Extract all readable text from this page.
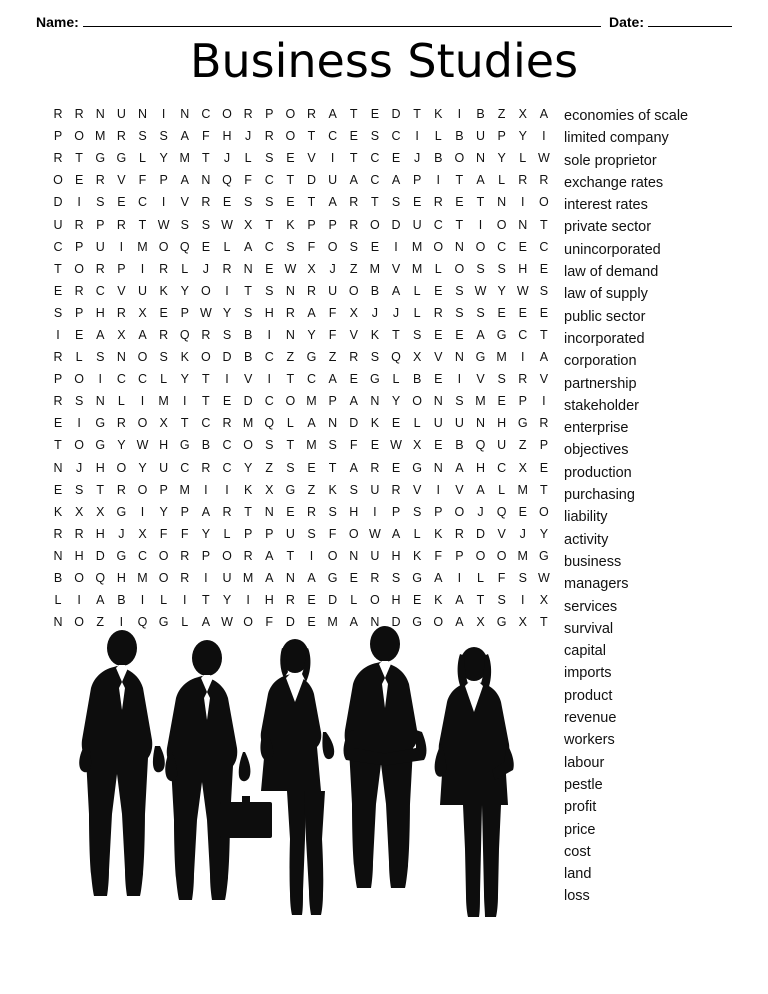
Name:	Date:
Business Studies
R R N U N	I	N C O R P O R A	T	E D	T	K	I	B	Z	X	A
P O M R S	S	A	F	H	J	R O T	C E	S C	I	L	B U P	Y	I
R	T G G	L	Y M T	J	L	S	E	V	I	T	C E	J	B O N Y	L W
O E R V	F	P	A N Q F	C	T	D U A C A	P	I	T	A	L	R R
D	I	S	E C	I	V R E	S	S	E	T	A R	T	S	E R E	T	N	I	O
U R P R	T W S	S W X	T	K	P	P R O D U C	T	I	O N	T
C P U	I	M O Q E	L	A C S	F O S	E	I	M O N O C E C
T O R P	I	R	L	J	R N E W X	J	Z M V M L	O S	S H E
E R C V U K	Y O	I	T	S N R U O B	A	L	E	S W Y W S
S	P H R X	E	P W Y	S H R A	F	X	J	J	L	R S	S	E	E	E
I	E	A	X	A R Q R S	B	I	N Y	F	V	K	T	S	E	E	A G C	T
R	L	S N O S	K O D B C	Z G Z	R S Q X	V N G M	I	A
P O	I	C C	L	Y	T	I	V	I	T	C A	E G	L	B	E	I	V	S R V
R S N	L	I	M	I	T	E D C O M P	A N Y O N S M E	P	I
E	I	G R O X	T	C R M Q	L	A N D K	E	L	U U N H G R
T O G Y W H G B C O S	T M S	F	E W X	E	B Q U	Z	P
N	J	H O Y U C R C Y	Z	S	E	T	A R E G N A H C X	E
E	S	T	R O P M	I	I	K	X G Z	K	S U R V	I	V	A	L M T
K	X	X G	I	Y	P	A R	T	N E R S H	I	P	S	P O	J	Q E O
R R H	J	X	F	F	Y	L	P	P U S	F O W A	L	K R D V	J	Y
N H D G C O R P O R A	T	I	O N U H K	F	P O O M G
B O Q H M O R	I	U M A N A G E R S G A	I	L	F	S W
L	I	A	B	I	L	I	T	Y	I	H R E D	L	O H E	K	A	T	S	I	X
N O Z	I	Q G	L	A W O F	D E M A N D G O A	X G X	T
economies of scale
limited company
sole proprietor
exchange rates
interest rates
private sector
unincorporated
law of demand
law of supply
public sector
incorporated
corporation
partnership
stakeholder
enterprise
objectives
production
purchasing
liability
activity
business
managers
services
survival
capital
imports
product
revenue
workers
labour
pestle
profit
price
cost
land
loss
